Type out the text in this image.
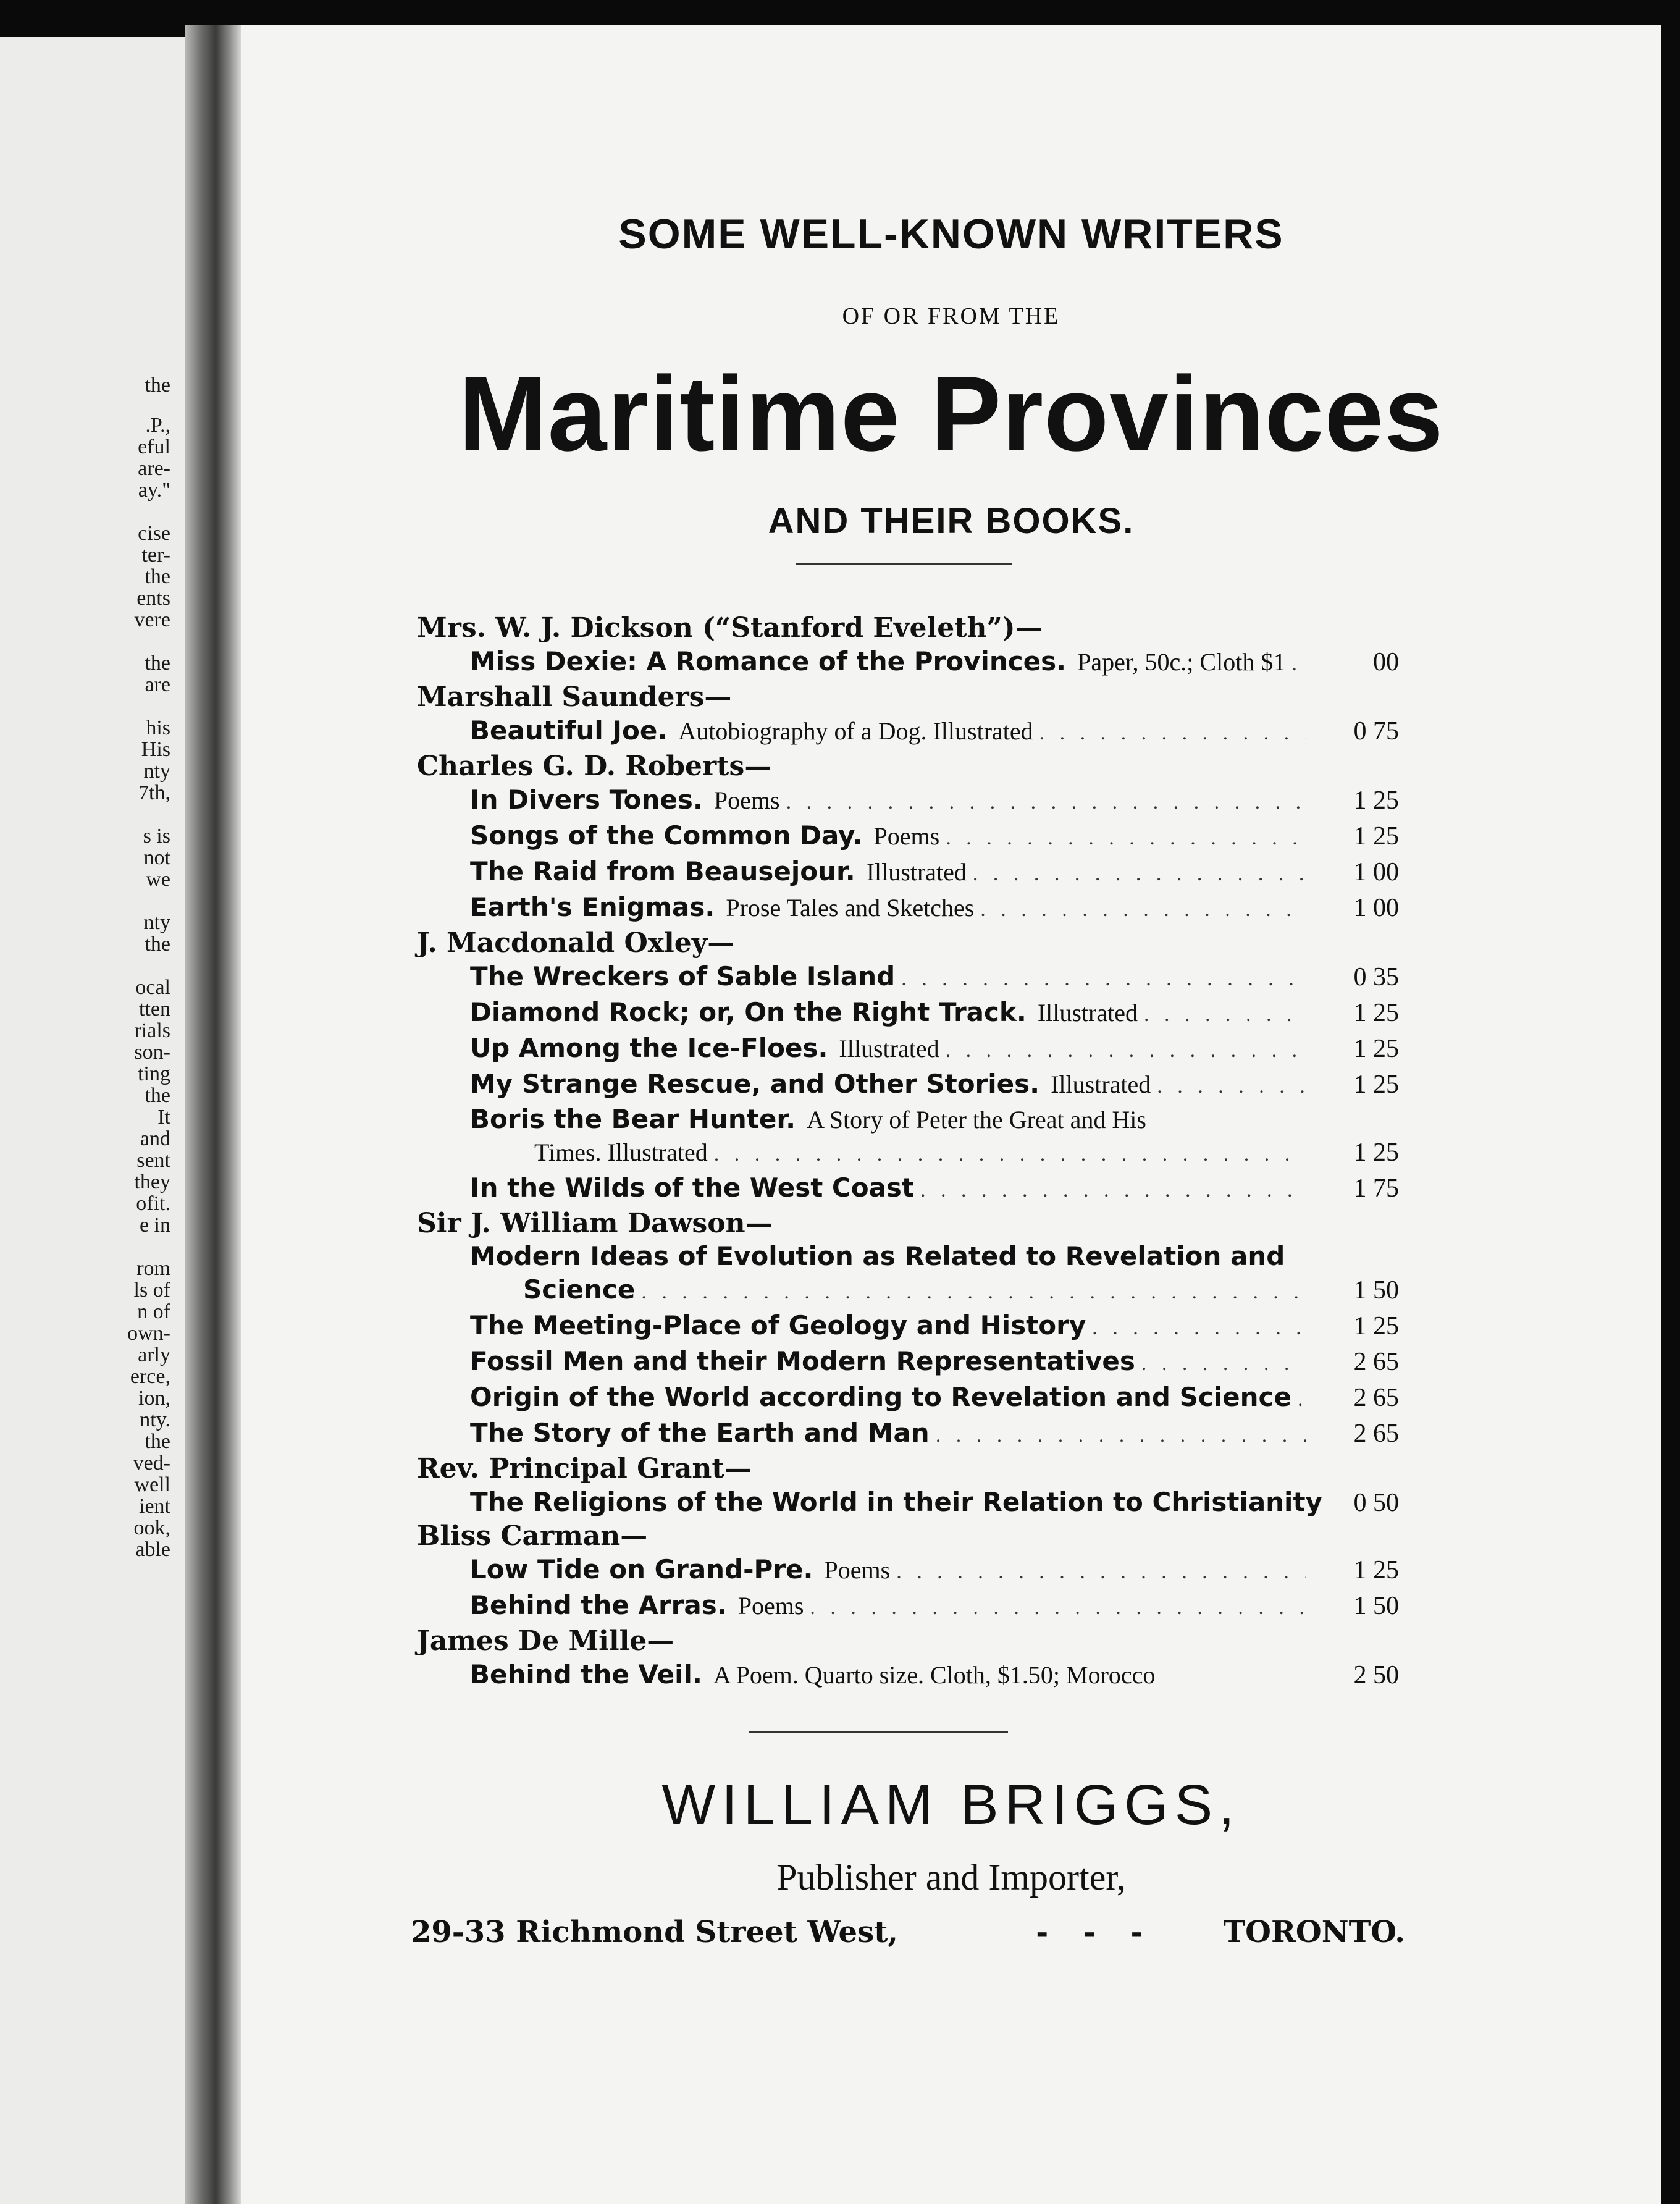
the
.P.,
eful
are-
ay."
cise
ter-
the
ents
vere
the
are
his
His
nty
7th,
s is
not
we
nty
the
ocal
tten
rials
son-
ting
the
It
and
sent
they
ofit.
e in
rom
ls of
n of
own-
arly
erce,
ion,
nty.
the
ved-
well
ient
ook,
able
SOME WELL-KNOWN WRITERS
OF OR FROM THE
Maritime Provinces
AND THEIR BOOKS.
Mrs. W. J. Dickson (“Stanford Eveleth”)—
Miss Dexie: A Romance of the Provinces. Paper, 50c.; Cloth $1 . . .	00
Marshall Saunders—
Beautiful Joe. Autobiography of a Dog. Illustrated . . .	0 75
Charles G. D. Roberts—
In Divers Tones. Poems . . .	1 25
Songs of the Common Day. Poems . . .	1 25
The Raid from Beausejour. Illustrated . . .	1 00
Earth's Enigmas. Prose Tales and Sketches . . .	1 00
J. Macdonald Oxley—
The Wreckers of Sable Island . . .	0 35
Diamond Rock; or, On the Right Track. Illustrated . . .	1 25
Up Among the Ice-Floes. Illustrated . . .	1 25
My Strange Rescue, and Other Stories. Illustrated . . .	1 25
Boris the Bear Hunter. A Story of Peter the Great and His
Times. Illustrated . . .	1 25
In the Wilds of the West Coast . . .	1 75
Sir J. William Dawson—
Modern Ideas of Evolution as Related to Revelation and
Science . . .	1 50
The Meeting-Place of Geology and History . . .	1 25
Fossil Men and their Modern Representatives . . .	2 65
Origin of the World according to Revelation and Science . . .	2 65
The Story of the Earth and Man . . .	2 65
Rev. Principal Grant—
The Religions of the World in their Relation to Christianity	0 50
Bliss Carman—
Low Tide on Grand-Pre. Poems . . .	1 25
Behind the Arras. Poems . . .	1 50
James De Mille—
Behind the Veil. A Poem. Quarto size. Cloth, $1.50; Morocco	2 50
WILLIAM BRIGGS,
Publisher and Importer,
29-33 Richmond Street West,	- - -	TORONTO.
